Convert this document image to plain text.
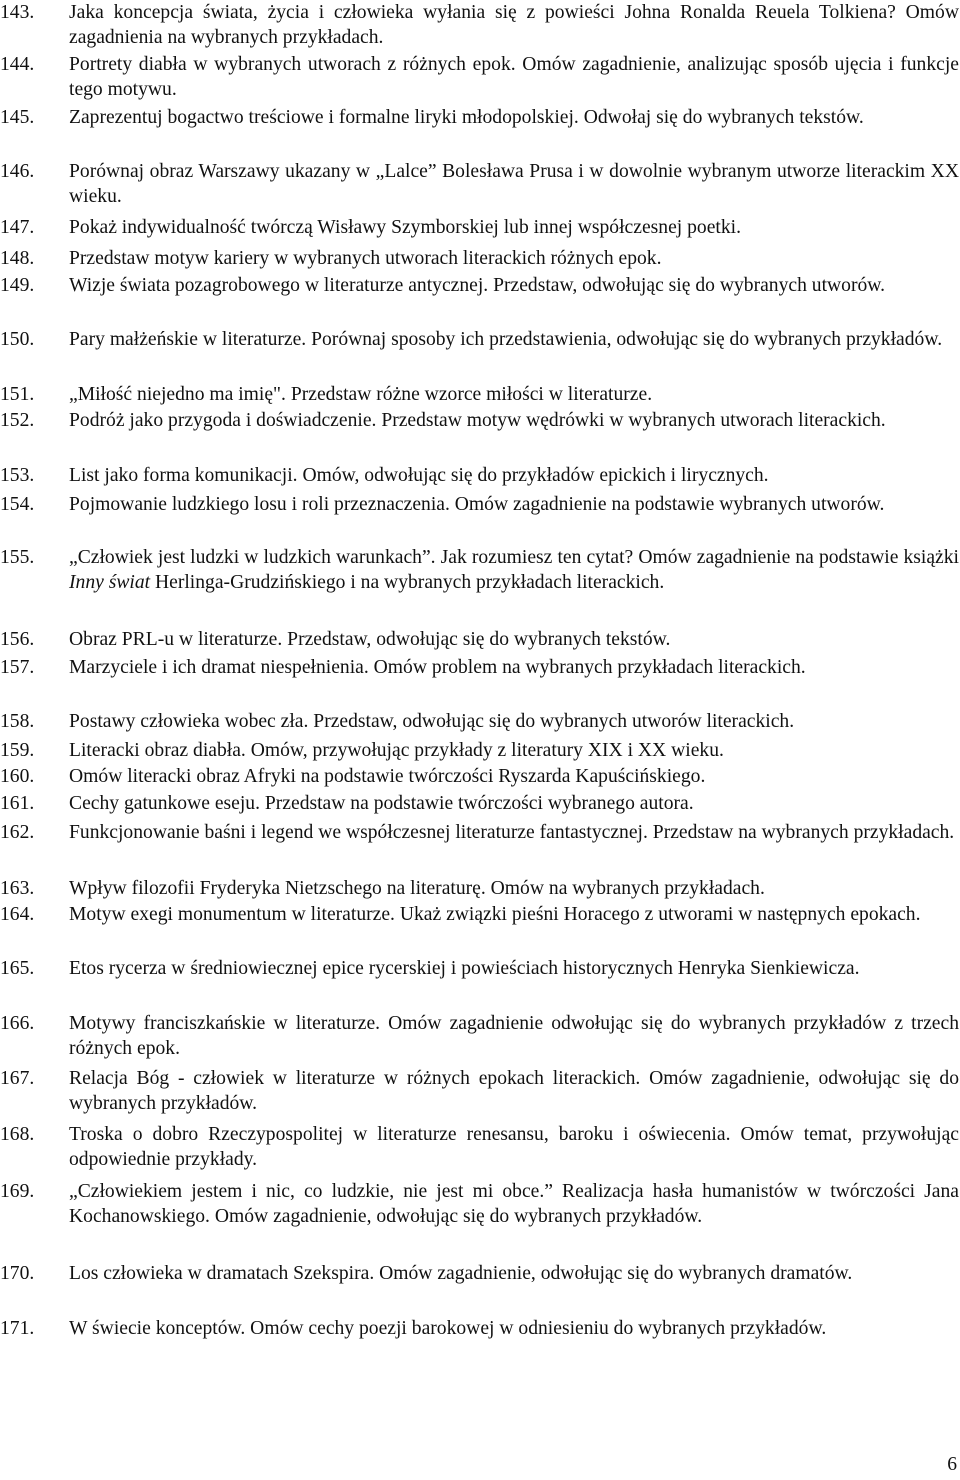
143.	Jaka koncepcja świata, życia i człowieka wyłania się z powieści Johna Ronalda Reuela Tolkiena? Omów zagadnienia na wybranych przykładach.
144.	Portrety diabła w wybranych utworach z różnych epok. Omów zagadnienie, analizując sposób ujęcia i funkcje tego motywu.
145.	Zaprezentuj bogactwo treściowe i formalne liryki młodopolskiej. Odwołaj się do wybranych tekstów.
146.	Porównaj obraz Warszawy ukazany w „Lalce” Bolesława Prusa i w dowolnie wybranym utworze literackim XX wieku.
147.	Pokaż indywidualność twórczą Wisławy Szymborskiej lub innej współczesnej poetki.
148.	Przedstaw motyw kariery w wybranych utworach literackich różnych epok.
149.	Wizje świata pozagrobowego w literaturze antycznej. Przedstaw, odwołując się do wybranych utworów.
150.	Pary małżeńskie w literaturze. Porównaj sposoby ich przedstawienia, odwołując się do wybranych przykładów.
151.	„Miłość niejedno ma imię". Przedstaw różne wzorce miłości w literaturze.
152.	Podróż jako przygoda i doświadczenie. Przedstaw motyw wędrówki w wybranych utworach literackich.
153.	List jako forma komunikacji. Omów, odwołując się do przykładów epickich i lirycznych.
154.	Pojmowanie ludzkiego losu i roli przeznaczenia. Omów zagadnienie na podstawie wybranych utworów.
155.	„Człowiek jest ludzki w ludzkich warunkach”. Jak rozumiesz ten cytat? Omów zagadnienie na podstawie książki Inny świat Herlinga-Grudzińskiego i na wybranych przykładach literackich.
156.	Obraz PRL-u w literaturze. Przedstaw, odwołując się do wybranych tekstów.
157.	Marzyciele i ich dramat niespełnienia. Omów problem na wybranych przykładach literackich.
158.	Postawy człowieka wobec zła. Przedstaw, odwołując się do wybranych utworów literackich.
159.	Literacki obraz diabła. Omów, przywołując przykłady z literatury XIX i XX wieku.
160.	Omów literacki obraz Afryki na podstawie twórczości Ryszarda Kapuścińskiego.
161.	Cechy gatunkowe eseju. Przedstaw na podstawie twórczości wybranego autora.
162.	Funkcjonowanie baśni i legend we współczesnej literaturze fantastycznej. Przedstaw na wybranych przykładach.
163.	Wpływ filozofii Fryderyka Nietzschego na literaturę. Omów na wybranych przykładach.
164.	Motyw exegi monumentum w literaturze. Ukaż związki pieśni Horacego z utworami w następnych epokach.
165.	Etos rycerza w średniowiecznej epice rycerskiej i powieściach historycznych Henryka Sienkiewicza.
166.	Motywy franciszkańskie w literaturze. Omów zagadnienie odwołując się do wybranych przykładów z trzech różnych epok.
167.	Relacja Bóg - człowiek w literaturze w różnych epokach literackich. Omów zagadnienie, odwołując się do wybranych przykładów.
168.	Troska o dobro Rzeczypospolitej w literaturze renesansu, baroku i oświecenia. Omów temat, przywołując odpowiednie przykłady.
169.	„Człowiekiem jestem i nic, co ludzkie, nie jest mi obce.” Realizacja hasła humanistów w twórczości Jana Kochanowskiego. Omów zagadnienie, odwołując się do wybranych przykładów.
170.	Los człowieka w dramatach Szekspira. Omów zagadnienie, odwołując się do wybranych dramatów.
171.	W świecie konceptów. Omów cechy poezji barokowej w odniesieniu do wybranych przykładów.
6
